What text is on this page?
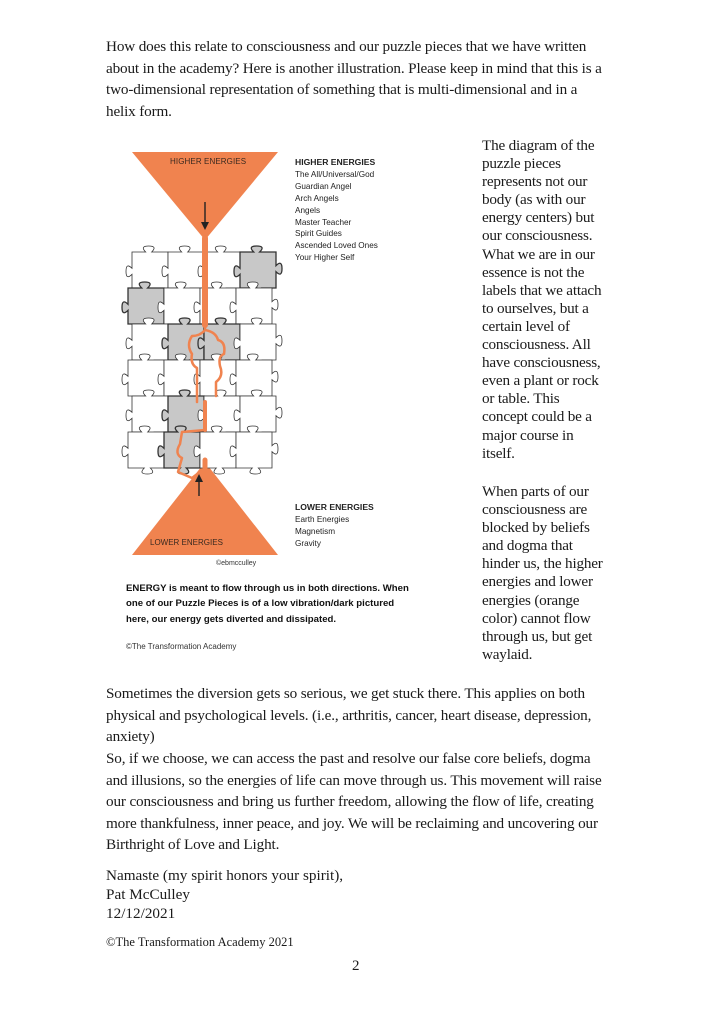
How does this relate to consciousness and our puzzle pieces that we have written
about in the academy? Here is another illustration. Please keep in mind that this is a
two-dimensional representation of something that is multi-dimensional and in a
helix form.
HIGHER ENERGIES
LOWER ENERGIES
HIGHER ENERGIES
The All/Universal/God
Guardian Angel
Arch Angels
Angels
Master Teacher
Spirit Guides
Ascended Loved Ones
Your Higher Self
LOWER ENERGIES
Earth Energies
Magnetism
Gravity
©ebmcculley
ENERGY is meant to flow through us in both directions. When
one of our Puzzle Pieces is of a low vibration/dark pictured
here, our energy gets diverted and dissipated.
©The Transformation Academy
The diagram of the
puzzle pieces
represents not our
body (as with our
energy centers) but
our consciousness.
What we are in our
essence is not the
labels that we attach
to ourselves, but a
certain level of
consciousness. All
have consciousness,
even a plant or rock
or table. This
concept could be a
major course in
itself.
When parts of our
consciousness are
blocked by beliefs
and dogma that
hinder us, the higher
energies and lower
energies (orange
color) cannot flow
through us, but get
waylaid.
Sometimes the diversion gets so serious, we get stuck there. This applies on both
physical and psychological levels. (i.e., arthritis, cancer, heart disease, depression,
anxiety)
So, if we choose, we can access the past and resolve our false core beliefs, dogma
and illusions, so the energies of life can move through us. This movement will raise
our consciousness and bring us further freedom, allowing the flow of life, creating
more thankfulness, inner peace, and joy. We will be reclaiming and uncovering our
Birthright of Love and Light.
Namaste (my spirit honors your spirit),
Pat McCulley
12/12/2021
©The Transformation Academy 2021
2
